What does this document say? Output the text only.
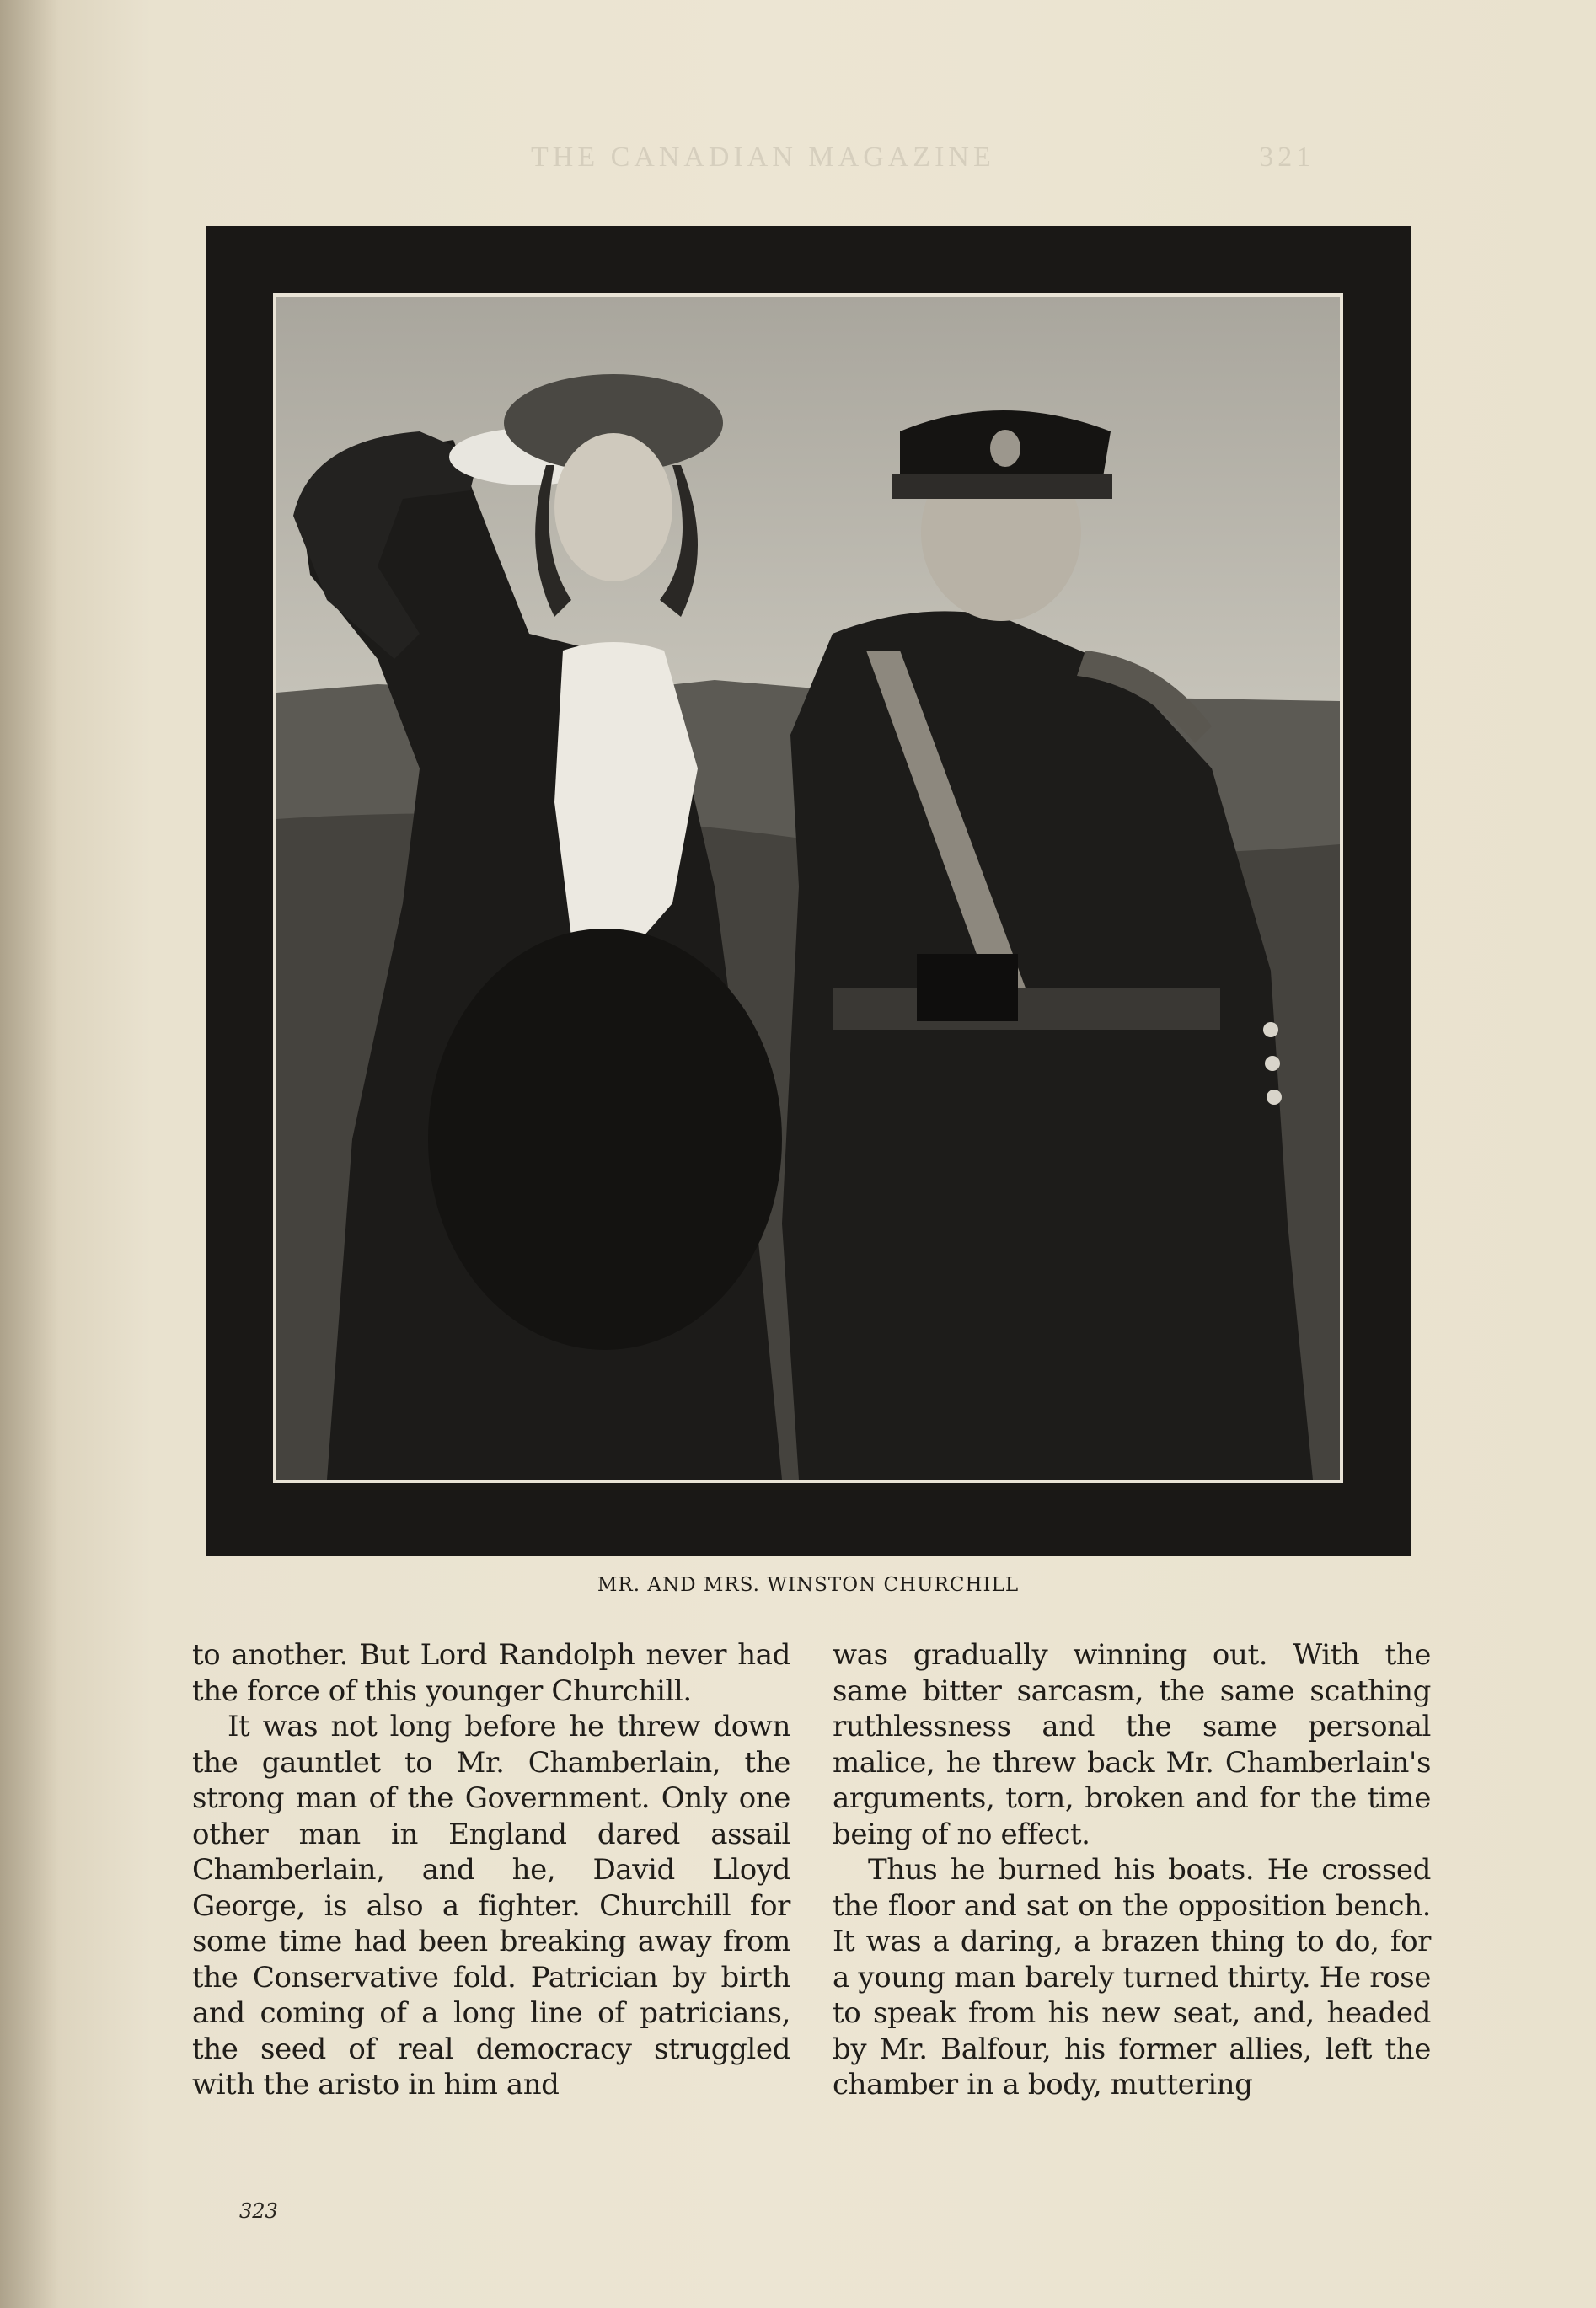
THE CANADIAN MAGAZINE	321
MR. AND MRS. WINSTON CHURCHILL

to another. But Lord Randolph never had the force of this younger Churchill.

It was not long before he threw down the gauntlet to Mr. Chamberlain, the strong man of the Government. Only one other man in England dared assail Chamberlain, and he, David Lloyd George, is also a fighter. Churchill for some time had been breaking away from the Conservative fold. Patrician by birth and coming of a long line of patricians, the seed of real democracy struggled with the aristo in him and

was gradually winning out. With the same bitter sarcasm, the same scathing ruthlessness and the same personal malice, he threw back Mr. Chamberlain's arguments, torn, broken and for the time being of no effect.

Thus he burned his boats. He crossed the floor and sat on the opposition bench. It was a daring, a brazen thing to do, for a young man barely turned thirty. He rose to speak from his new seat, and, headed by Mr. Balfour, his former allies, left the chamber in a body, muttering

323
